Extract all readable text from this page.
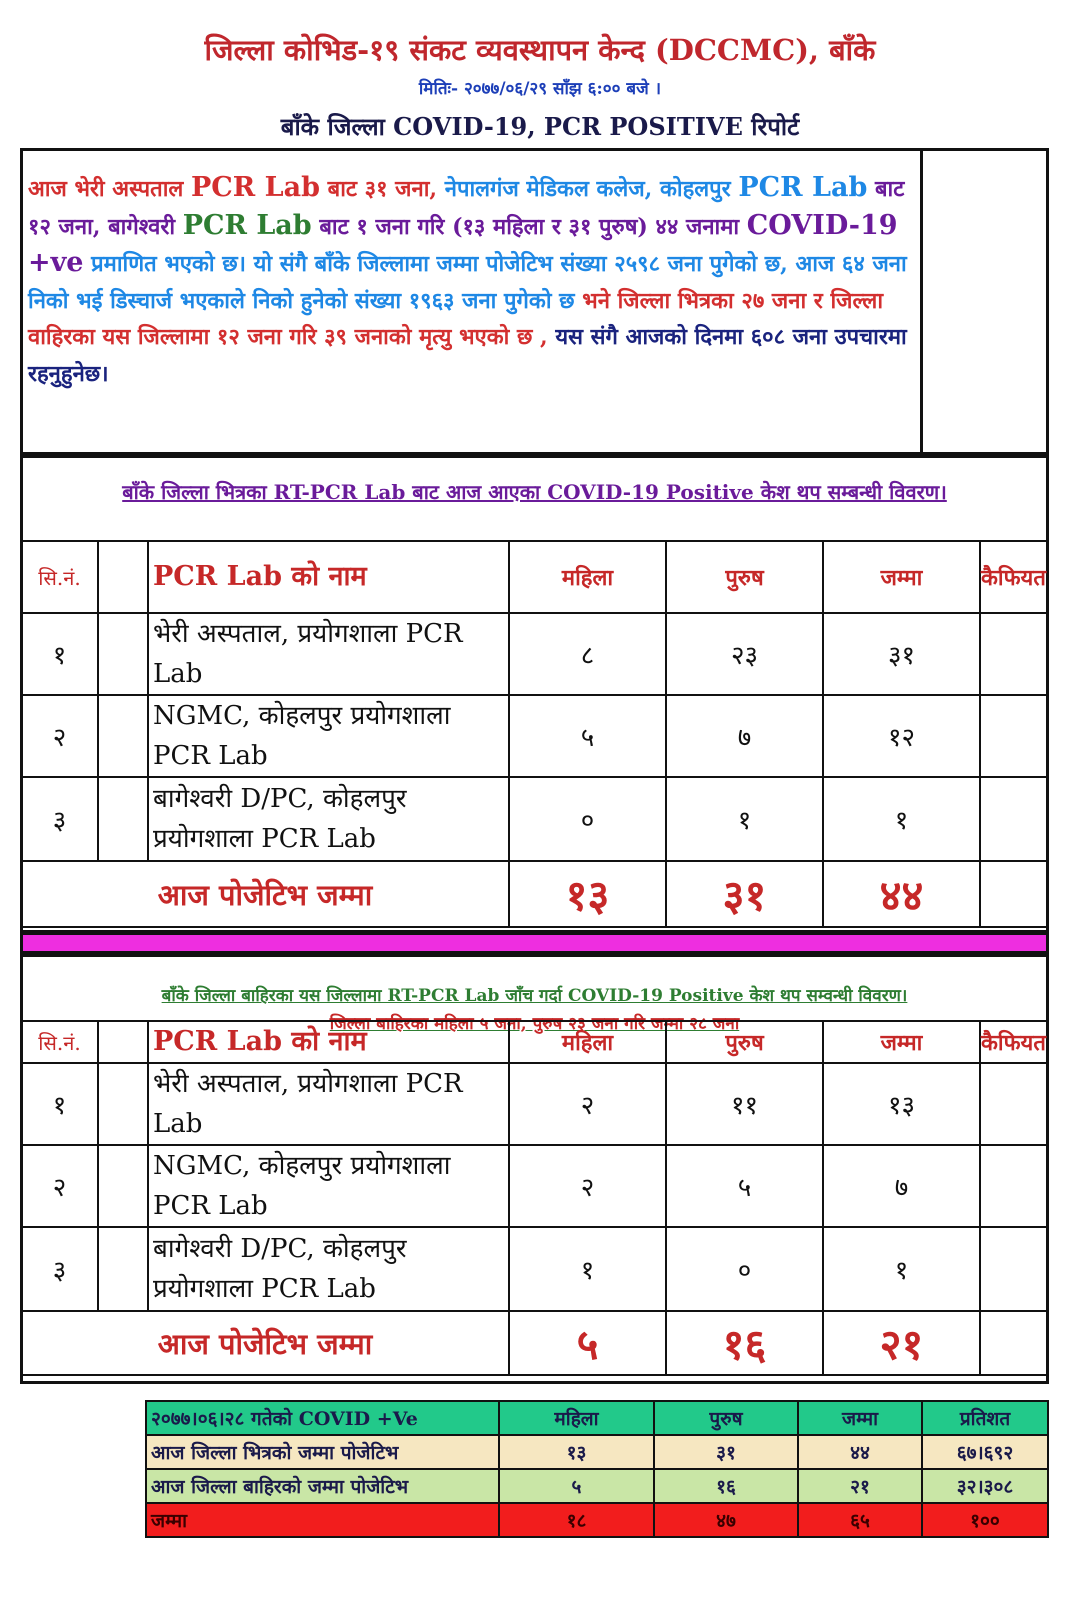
जिल्ला कोभिड-१९ संकट व्यवस्थापन केन्द (DCCMC), बाँके
मितिः- २०७७/०६/२९ साँझ ६:०० बजे ।
बाँके जिल्ला COVID-19, PCR POSITIVE रिपोर्ट
आज भेरी अस्पताल PCR Lab बाट ३१ जना, नेपालगंज मेडिकल कलेज, कोहलपुर PCR Lab बाट १२ जना, बागेश्वरी PCR Lab बाट १ जना गरि (१३ महिला र ३१ पुरुष) ४४ जनामा COVID-19 +ve प्रमाणित भएको छ। यो संगै बाँके जिल्लामा जम्मा पोजेटिभ संख्या २५९८ जना पुगेको छ, आज ६४ जना निको भई डिस्चार्ज भएकाले निको हुनेको संख्या १९६३ जना पुगेको छ भने जिल्ला भित्रका २७ जना र जिल्ला वाहिरका यस जिल्लामा १२ जना गरि ३९ जनाको मृत्यु भएको छ , यस संगै आजको दिनमा ६०८ जना उपचारमा रहनुहुनेछ।
बाँके जिल्ला भित्रका RT-PCR Lab बाट आज आएका COVID-19 Positive केश थप सम्बन्धी विवरण।
सि.नं.		PCR Lab को नाम	महिला	पुरुष	जम्मा	कैफियत
१		भेरी अस्पताल, प्रयोगशाला PCR Lab	८	२३	३१	
२		NGMC, कोहलपुर प्रयोगशाला PCR Lab	५	७	१२	
३		बागेश्वरी D/PC, कोहलपुर प्रयोगशाला PCR Lab	०	१	१	
आज पोजेटिभ जम्मा			१३	३१	४४	
बाँके जिल्ला बाहिरका यस जिल्लामा RT-PCR Lab जाँच गर्दा COVID-19 Positive केश थप सम्वन्धी विवरण।
जिल्ला बाहिरका महिला ५ जना, पुरुष २३ जना गरि जम्मा २८ जना
सि.नं.		PCR Lab को नाम	महिला	पुरुष	जम्मा	कैफियत
१		भेरी अस्पताल, प्रयोगशाला PCR Lab	२	११	१३	
२		NGMC, कोहलपुर प्रयोगशाला PCR Lab	२	५	७	
३		बागेश्वरी D/PC, कोहलपुर प्रयोगशाला PCR Lab	१	०	१	
आज पोजेटिभ जम्मा			५	१६	२१	
२०७७।०६।२८ गतेको COVID +Ve	महिला	पुरुष	जम्मा	प्रतिशत
आज जिल्ला भित्रको जम्मा पोजेटिभ	१३	३१	४४	६७।६९२
आज जिल्ला बाहिरको जम्मा पोजेटिभ	५	१६	२१	३२।३०८
जम्मा	१८	४७	६५	१००
